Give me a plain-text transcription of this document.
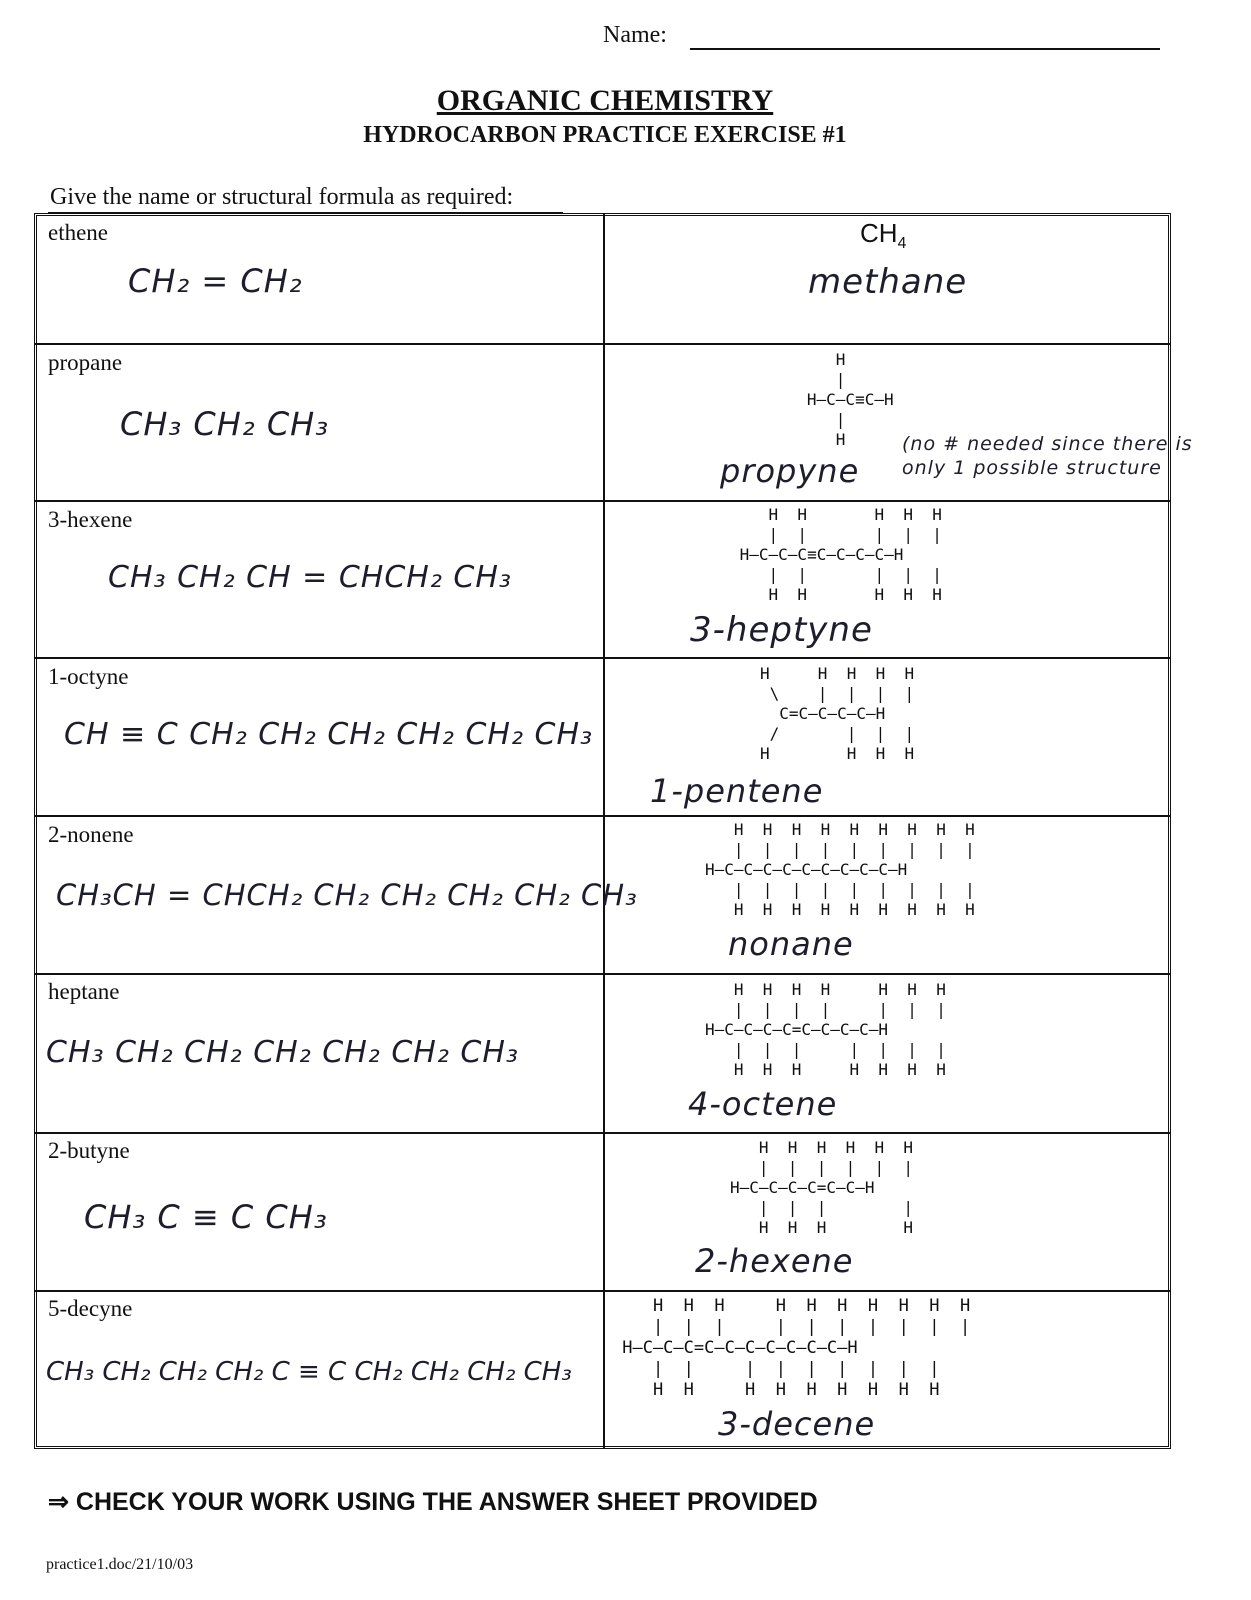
Name:
ORGANIC CHEMISTRY
HYDROCARBON PRACTICE EXERCISE #1
Give the name or structural formula as required:
ethene
CH₂ = CH₂
$CH_4$
methane
propane
CH₃ CH₂ CH₃
H
|
H—C—C≡C—H
|
H
propyne
(no # needed since there is only 1 possible structure
3-hexene
CH₃ CH₂ CH = CHCH₂ CH₃
H  H       H  H  H
|  |       |  |  |
H—C—C—C≡C—C—C—C—H
|  |       |  |  |
H  H       H  H  H
3-heptyne
1-octyne
CH ≡ C CH₂ CH₂ CH₂ CH₂ CH₂ CH₃
H     H  H  H  H
\    |  |  |  |
C=C—C—C—C—H
/       |  |  |
H        H  H  H
1-pentene
2-nonene
CH₃CH = CHCH₂ CH₂ CH₂ CH₂ CH₂ CH₃
H  H  H  H  H  H  H  H  H
|  |  |  |  |  |  |  |  |
H—C—C—C—C—C—C—C—C—C—H
|  |  |  |  |  |  |  |  |
H  H  H  H  H  H  H  H  H
nonane
heptane
CH₃ CH₂ CH₂ CH₂ CH₂ CH₂ CH₃
H  H  H  H     H  H  H
|  |  |  |     |  |  |
H—C—C—C—C=C—C—C—C—H
|  |  |     |  |  |  |
H  H  H     H  H  H  H
4-octene
2-butyne
CH₃ C ≡ C CH₃
H  H  H  H  H  H
|  |  |  |  |  |
H—C—C—C—C=C—C—H
|  |  |        |
H  H  H        H
2-hexene
5-decyne
CH₃ CH₂ CH₂ CH₂ C ≡ C CH₂ CH₂ CH₂ CH₃
H  H  H     H  H  H  H  H  H  H
|  |  |     |  |  |  |  |  |  |
H—C—C—C=C—C—C—C—C—C—C—H
|  |     |  |  |  |  |  |  |
H  H     H  H  H  H  H  H  H
3-decene
⇒ CHECK YOUR WORK USING THE ANSWER SHEET PROVIDED
practice1.doc/21/10/03
